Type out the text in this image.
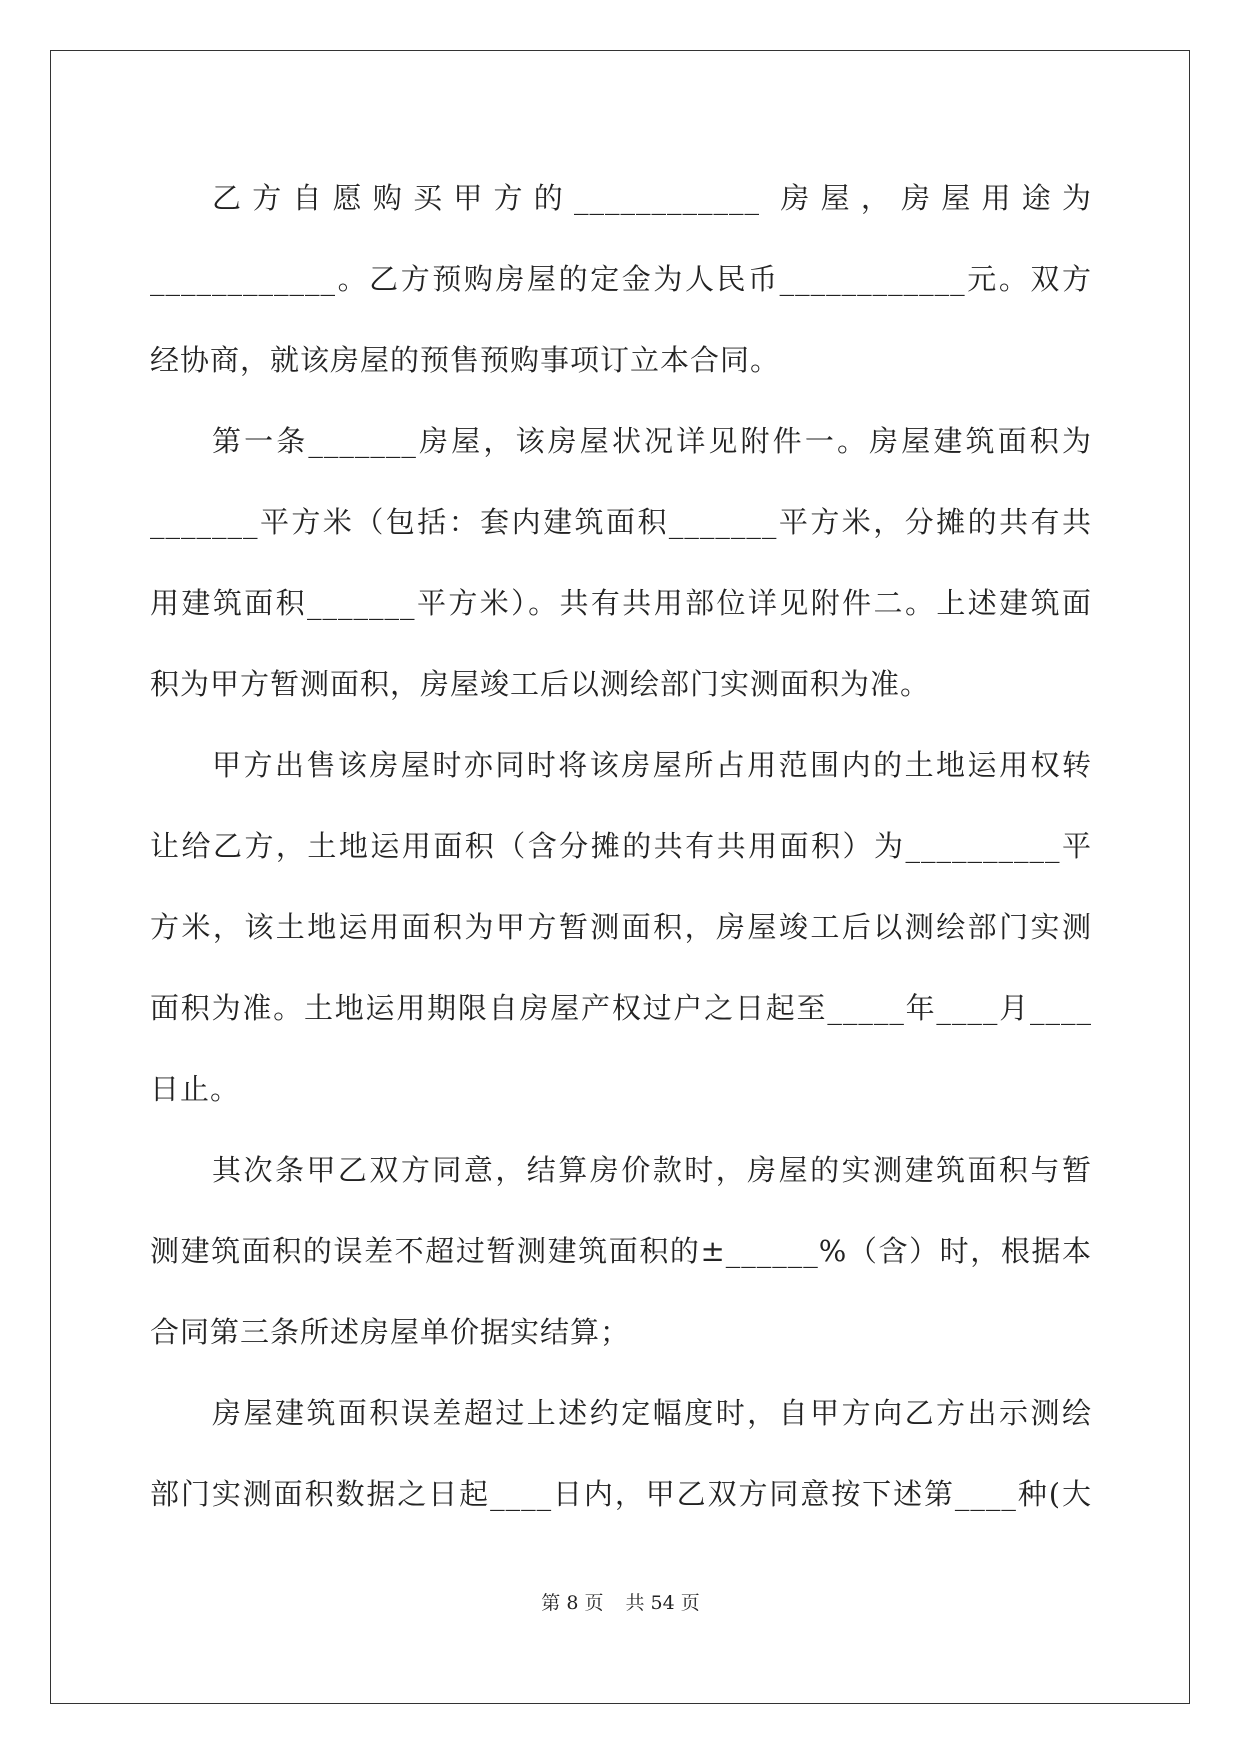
乙方自愿购买甲方的____________ 房屋，房屋用途为
____________。乙方预购房屋的定金为人民币____________元。双方
经协商，就该房屋的预售预购事项订立本合同。
第一条_______房屋，该房屋状况详见附件一。房屋建筑面积为
_______平方米（包括：套内建筑面积_______平方米，分摊的共有共
用建筑面积_______平方米）。共有共用部位详见附件二。上述建筑面
积为甲方暂测面积，房屋竣工后以测绘部门实测面积为准。
甲方出售该房屋时亦同时将该房屋所占用范围内的土地运用权转
让给乙方，土地运用面积（含分摊的共有共用面积）为__________平
方米，该土地运用面积为甲方暂测面积，房屋竣工后以测绘部门实测
面积为准。土地运用期限自房屋产权过户之日起至_____年____月____
日止。
其次条甲乙双方同意，结算房价款时，房屋的实测建筑面积与暂
测建筑面积的误差不超过暂测建筑面积的±______%（含）时，根据本
合同第三条所述房屋单价据实结算；
房屋建筑面积误差超过上述约定幅度时，自甲方向乙方出示测绘
部门实测面积数据之日起____日内，甲乙双方同意按下述第____种(大
第 8 页 共 54 页
